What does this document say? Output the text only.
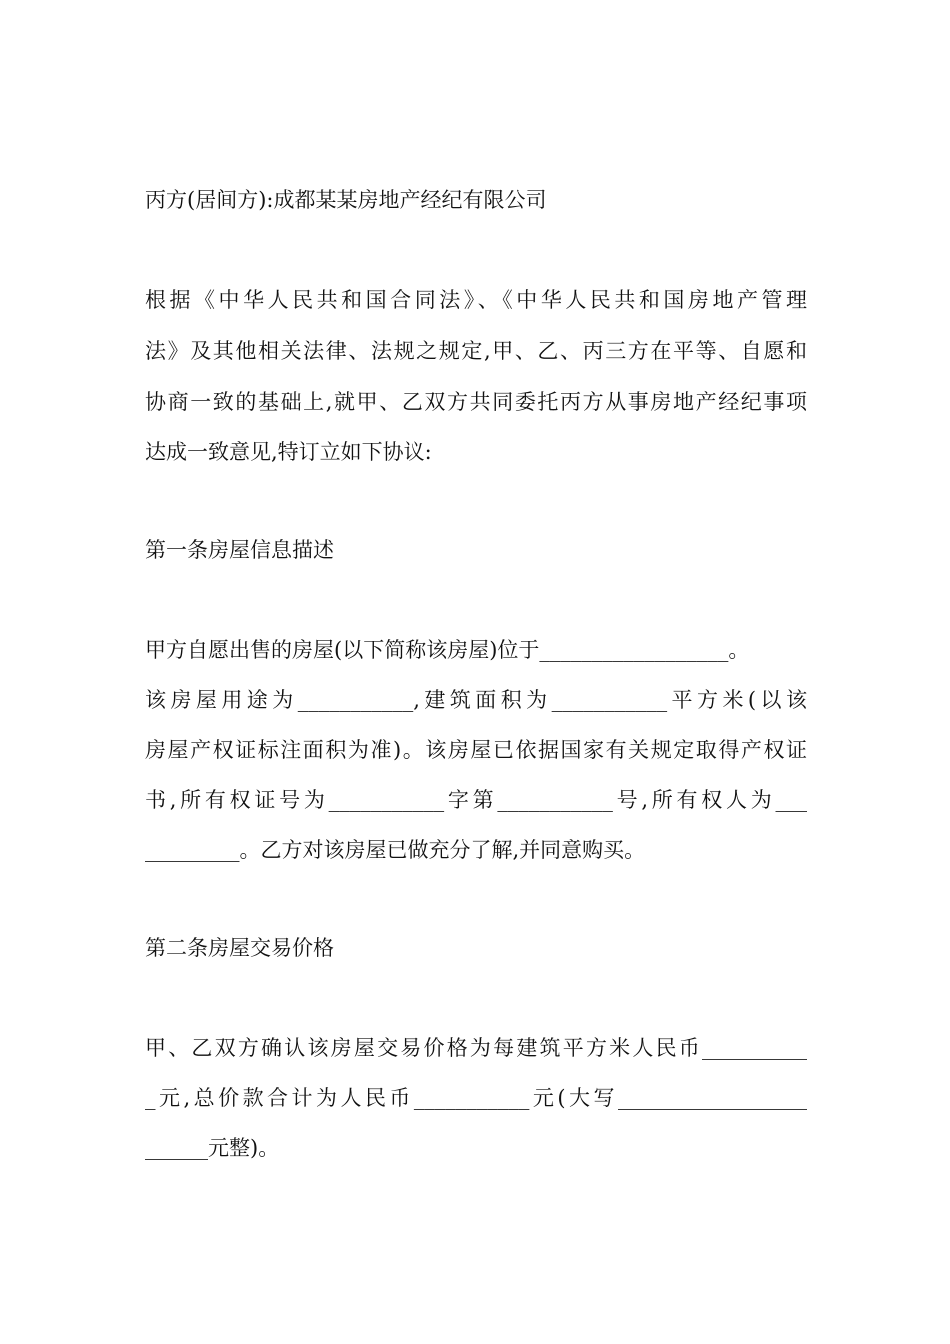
丙方(居间方):成都某某房地产经纪有限公司
根据《中华人民共和国合同法》、《中华人民共和国房地产管理
法》及其他相关法律、法规之规定,甲、乙、丙三方在平等、自愿和
协商一致的基础上,就甲、乙双方共同委托丙方从事房地产经纪事项
达成一致意见,特订立如下协议:
第一条房屋信息描述
甲方自愿出售的房屋(以下简称该房屋)位于__________________。
该房屋用途为___________,建筑面积为___________平方米(以该
房屋产权证标注面积为准)。该房屋已依据国家有关规定取得产权证
书,所有权证号为___________字第___________号,所有权人为___
_________。乙方对该房屋已做充分了解,并同意购买。
第二条房屋交易价格
甲、乙双方确认该房屋交易价格为每建筑平方米人民币__________
_元,总价款合计为人民币___________元(大写__________________
______元整)。
